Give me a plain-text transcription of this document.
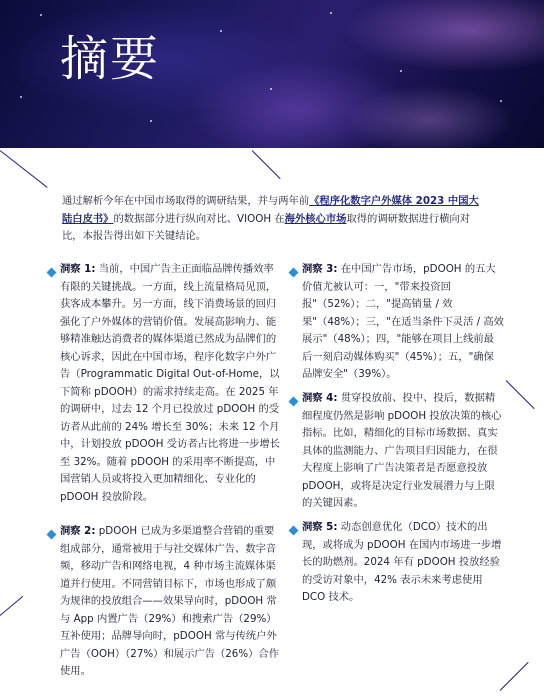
摘要
通过解析今年在中国市场取得的调研结果，并与两年前《程序化数字户外媒体 2023 中国大陆白皮书》的数据部分进行纵向对比、VIOOH 在海外核心市场取得的调研数据进行横向对比，本报告得出如下关键结论。
洞察 1: 当前，中国广告主正面临品牌传播效率有限的关键挑战。一方面，线上流量格局见顶，获客成本攀升。另一方面，线下消费场景的回归强化了户外媒体的营销价值。发展高影响力、能够精准触达消费者的媒体渠道已然成为品牌们的核心诉求，因此在中国市场，程序化数字户外广告（Programmatic Digital Out-of-Home，以下简称 pDOOH）的需求持续走高。在 2025 年的调研中，过去 12 个月已投放过 pDOOH 的受访者从此前的 24% 增长至 30%；未来 12 个月中，计划投放 pDOOH 受访者占比将进一步增长至 32%。随着 pDOOH 的采用率不断提高，中国营销人员或将投入更加精细化、专业化的 pDOOH 投放阶段。
洞察 2: pDOOH 已成为多渠道整合营销的重要组成部分，通常被用于与社交媒体广告、数字音频，移动广告和网络电视，4 种市场主流媒体渠道并行使用。不同营销目标下，市场也形成了颇为规律的投放组合——效果导向时，pDOOH 常与 App 内置广告（29%）和搜索广告（29%）互补使用；品牌导向时，pDOOH 常与传统户外广告（OOH）（27%）和展示广告（26%）合作使用。
洞察 3: 在中国广告市场，pDOOH 的五大价值尤被认可：一，"带来投资回报"（52%）；二，"提高销量 / 效果"（48%）；三，"在适当条件下灵活 / 高效展示"（48%）；四，"能够在项目上线前最后一刻启动媒体购买"（45%）；五，"确保品牌安全"（39%）。
洞察 4: 贯穿投放前、投中、投后，数据精细程度仍然是影响 pDOOH 投放决策的核心指标。比如，精细化的目标市场数据、真实具体的监测能力、广告项目归因能力，在很大程度上影响了广告决策者是否愿意投放 pDOOH，或将是决定行业发展潜力与上限的关键因素。
洞察 5: 动态创意优化（DCO）技术的出现，或将成为 pDOOH 在国内市场进一步增长的助燃剂。2024 年有 pDOOH 投放经验的受访对象中，42% 表示未来考虑使用 DCO 技术。
